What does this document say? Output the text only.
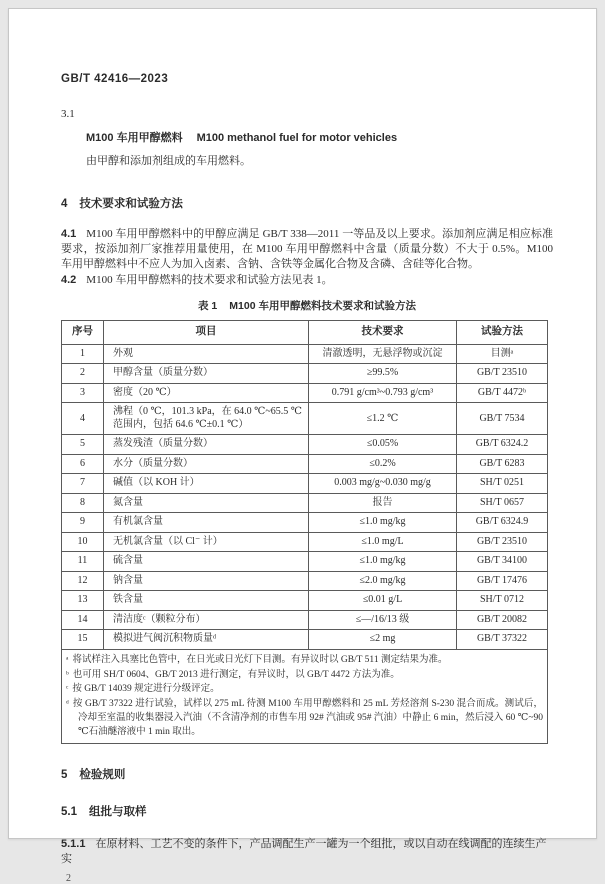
GB/T 42416—2023
3.1
M100 车用甲醇燃料 M100 methanol fuel for motor vehicles
由甲醇和添加剂组成的车用燃料。
4 技术要求和试验方法

4.1 M100 车用甲醇燃料中的甲醇应满足 GB/T 338—2011 一等品及以上要求。添加剂应满足相应标准要求，按添加剂厂家推荐用量使用，在 M100 车用甲醇燃料中含量（质量分数）不大于 0.5%。M100 车用甲醇燃料中不应人为加入卤素、含钠、含铁等金属化合物及含磷、含硅等化合物。

4.2 M100 车用甲醇燃料的技术要求和试验方法见表 1。

表 1 M100 车用甲醇燃料技术要求和试验方法
序号	项目	技术要求	试验方法
1	外观	清澈透明，无悬浮物或沉淀	目测ᵃ
2	甲醇含量（质量分数）	≥99.5%	GB/T 23510
3	密度（20 ℃）	0.791 g/cm³~0.793 g/cm³	GB/T 4472ᵇ
4	沸程（0 ℃，101.3 kPa，在 64.0 ℃~65.5 ℃范围内，包括 64.6 ℃±0.1 ℃）	≤1.2 ℃	GB/T 7534
5	蒸发残渣（质量分数）	≤0.05%	GB/T 6324.2
6	水分（质量分数）	≤0.2%	GB/T 6283
7	碱值（以 KOH 计）	0.003 mg/g~0.030 mg/g	SH/T 0251
8	氮含量	报告	SH/T 0657
9	有机氯含量	≤1.0 mg/kg	GB/T 6324.9
10	无机氯含量（以 Cl⁻ 计）	≤1.0 mg/L	GB/T 23510
11	硫含量	≤1.0 mg/kg	GB/T 34100
12	钠含量	≤2.0 mg/kg	GB/T 17476
13	铁含量	≤0.01 g/L	SH/T 0712
14	清洁度ᶜ（颗粒分布）	≤—/16/13 级	GB/T 20082
15	模拟进气阀沉积物质量ᵈ	≤2 mg	GB/T 37322

ᵃ 将试样注入具塞比色管中，在日光或日光灯下目测。有异议时以 GB/T 511 测定结果为准。
ᵇ 也可用 SH/T 0604、GB/T 2013 进行测定，有异议时，以 GB/T 4472 方法为准。
ᶜ 按 GB/T 14039 规定进行分级评定。
ᵈ 按 GB/T 37322 进行试验，试样以 275 mL 待测 M100 车用甲醇燃料和 25 mL 芳烃溶剂 S-230 混合而成。测试后，冷却至室温的收集器浸入汽油（不含清净剂的市售车用 92# 汽油或 95# 汽油）中静止 6 min，然后浸入 60 ℃~90 ℃石油醚溶液中 1 min 取出。			
5 检验规则
5.1 组批与取样

5.1.1 在原材料、工艺不变的条件下，产品调配生产一罐为一个组批，或以自动在线调配的连续生产实

2
